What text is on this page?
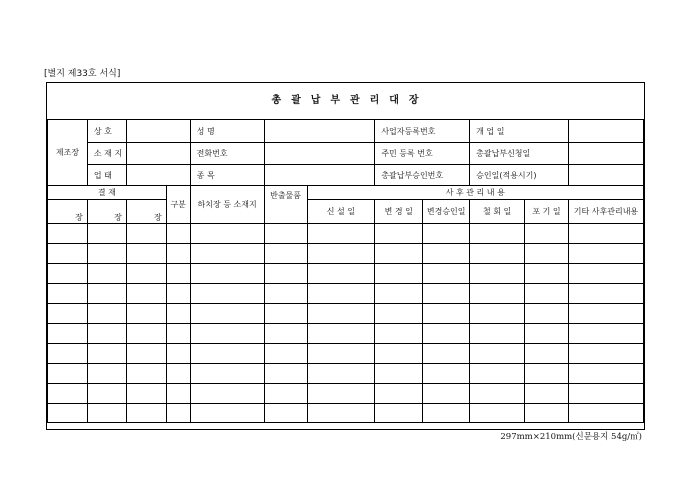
[별지 제33호 서식]
총  괄  납  부  관  리  대  장
제조장	상 호			성 명			사업자등록번호		개 업 일		
	소 재 지			전화번호			주민 등록 번호		총괄납부신청일		
	업 태			종 목			총괄납부승인번호		승인일(적용시기)		
결 재			구분	하치장 등 소재지	반출물품	사 후 관 리 내 용					
장	장	장				신 설 일	변 경 일	변경승인일	철 회 일	포 기 일	기타 사후관리내용

297mm×210mm(신문용지 54g/㎡)
